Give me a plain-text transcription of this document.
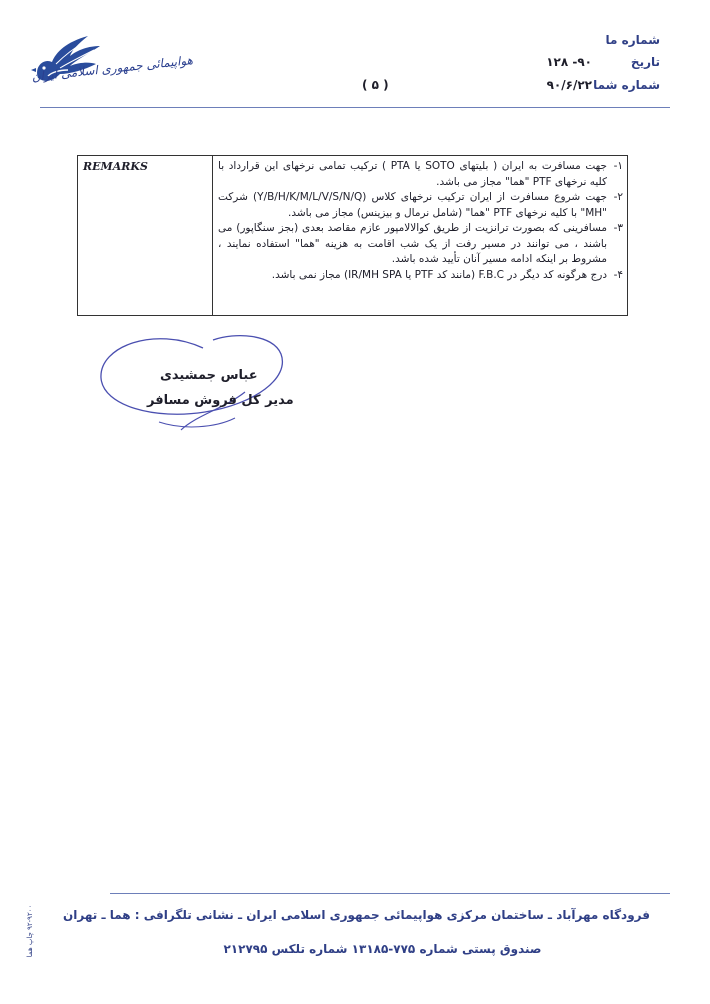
هواپیمائی جمهوری اسلامی ایران
شماره ما
تاریخ
۹۰- ۱۲۸
شماره شما
۹۰/۶/۲۲
( ۵ )
REMARKS	۱-
جهت مسافرت به ایران ( بلیتهای SOTO یا PTA ) ترکیب تمامی نرخهای این قرارداد با کلیه نرخهای PTF "هما" مجاز می باشد.
۲-
جهت شروع مسافرت از ایران ترکیب نرخهای کلاس (Y/B/H/K/M/L/V/S/N/Q) شرکت "MH" با کلیه نرخهای PTF "هما" (شامل نرمال و بیزینس) مجاز می باشد.
۳-
مسافرینی که بصورت ترانزیت از طریق کوالالامپور عازم مقاصد بعدی (بجز سنگاپور) می باشند ، می توانند در مسیر رفت از یک شب اقامت به هزینه "هما" استفاده نمایند ، مشروط بر اینکه ادامه مسیر آنان تأیید شده باشد.
۴-
درج هرگونه کد دیگر در F.B.C (مانند کد PTF یا IR/MH SPA) مجاز نمی باشد.
عباس جمشیدی
مدیر کل فروش مسافر
فرودگاه مهرآباد ـ ساختمان مرکزی هواپیمائی جمهوری اسلامی ایران ـ نشانی تلگرافی : هما ـ تهران
صندوق پستی شماره ۷۷۵-۱۳۱۸۵ شماره تلکس ۲۱۲۷۹۵
۹۲-۹۲۰۰ چاپ هما
